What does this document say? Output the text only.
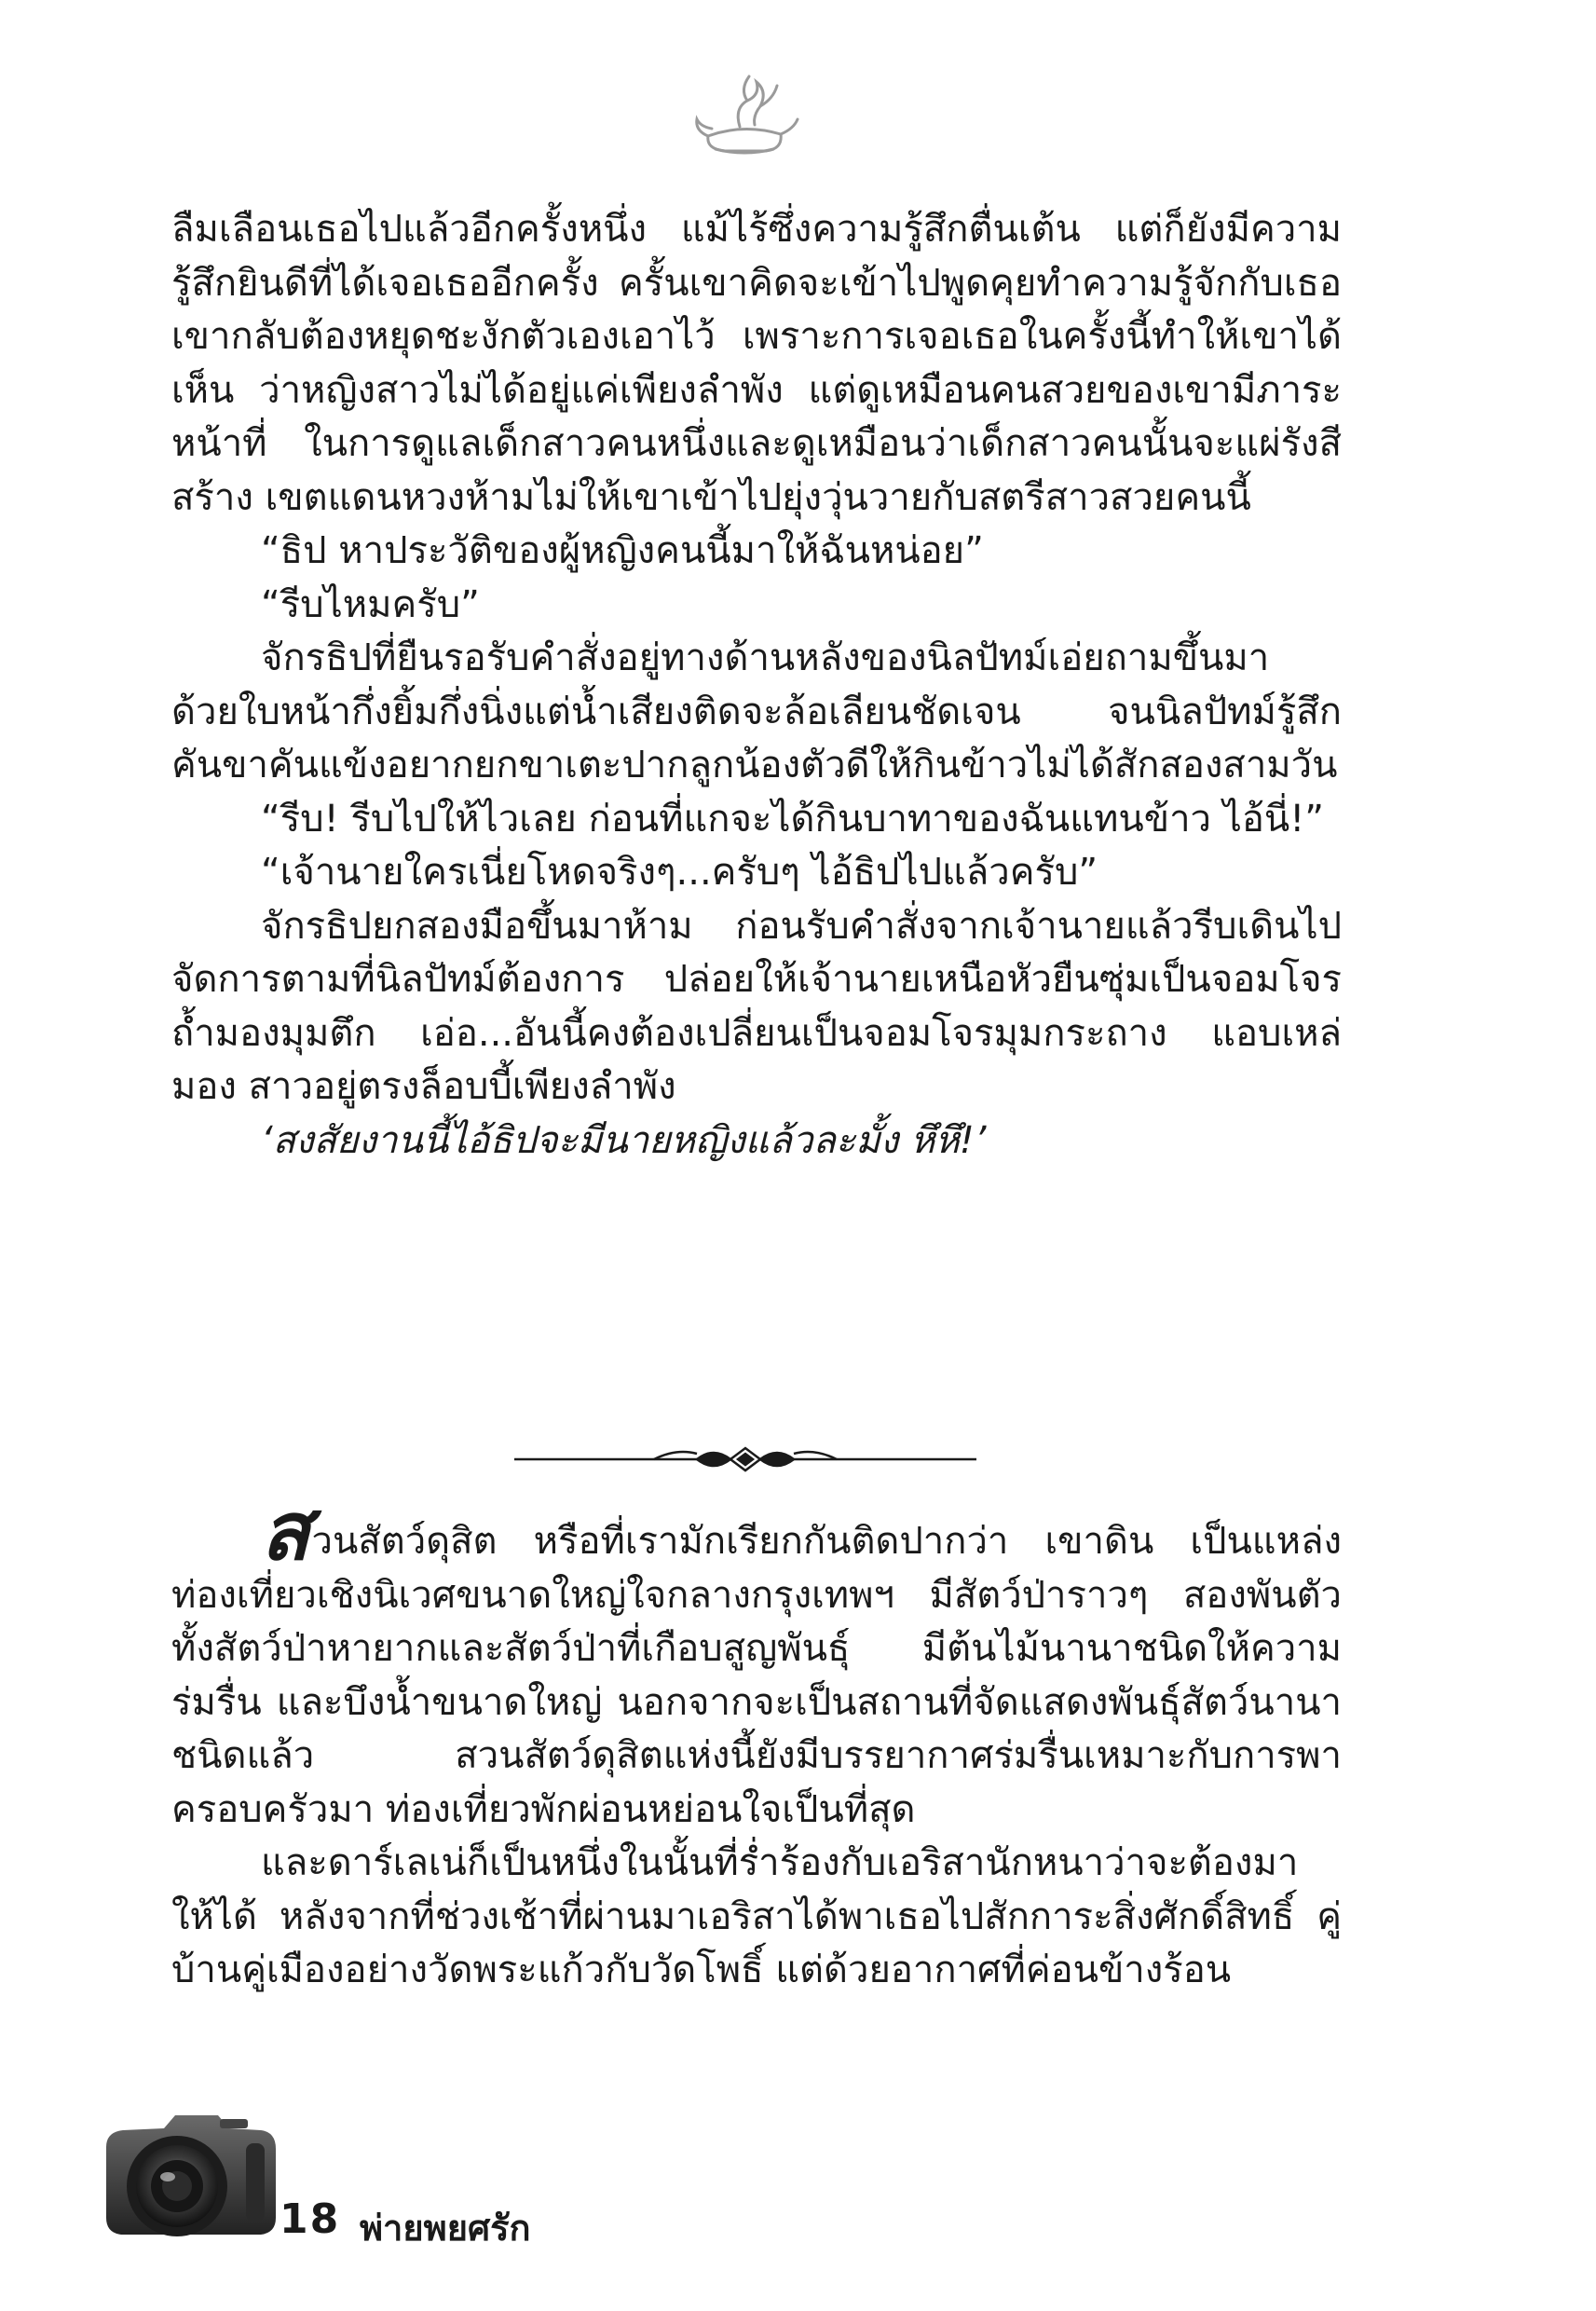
ลืมเลือนเธอไปแล้วอีกครั้งหนึ่ง แม้ไร้ซึ่งความรู้สึกตื่นเต้น แต่ก็ยังมีความรู้สึกยินดีที่ได้เจอเธออีกครั้ง ครั้นเขาคิดจะเข้าไปพูดคุยทำความรู้จักกับเธอ เขากลับต้องหยุดชะงักตัวเองเอาไว้ เพราะการเจอเธอในครั้งนี้ทำให้เขาได้เห็น ว่าหญิงสาวไม่ได้อยู่แค่เพียงลำพัง แต่ดูเหมือนคนสวยของเขามีภาระหน้าที่ ในการดูแลเด็กสาวคนหนึ่งและดูเหมือนว่าเด็กสาวคนนั้นจะแผ่รังสีสร้าง เขตแดนหวงห้ามไม่ให้เขาเข้าไปยุ่งวุ่นวายกับสตรีสาวสวยคนนี้

“ธิป หาประวัติของผู้หญิงคนนี้มาให้ฉันหน่อย”

“รีบไหมครับ”

จักรธิปที่ยืนรอรับคำสั่งอยู่ทางด้านหลังของนิลปัทม์เอ่ยถามขึ้นมา ด้วยใบหน้ากึ่งยิ้มกึ่งนิ่งแต่น้ำเสียงติดจะล้อเลียนชัดเจน จนนิลปัทม์รู้สึก คันขาคันแข้งอยากยกขาเตะปากลูกน้องตัวดีให้กินข้าวไม่ได้สักสองสามวัน

“รีบ! รีบไปให้ไวเลย ก่อนที่แกจะได้กินบาทาของฉันแทนข้าว ไอ้นี่!”

“เจ้านายใครเนี่ยโหดจริงๆ...ครับๆ ไอ้ธิปไปแล้วครับ”

จักรธิปยกสองมือขึ้นมาห้าม ก่อนรับคำสั่งจากเจ้านายแล้วรีบเดินไป จัดการตามที่นิลปัทม์ต้องการ ปล่อยให้เจ้านายเหนือหัวยืนซุ่มเป็นจอมโจร ถ้ำมองมุมตึก เอ่อ...อันนี้คงต้องเปลี่ยนเป็นจอมโจรมุมกระถาง แอบเหล่มอง สาวอยู่ตรงล็อบบี้เพียงลำพัง

‘สงสัยงานนี้ไอ้ธิปจะมีนายหญิงแล้วละมั้ง หึหึ!’

สวนสัตว์ดุสิต หรือที่เรามักเรียกกันติดปากว่า เขาดิน เป็นแหล่ง ท่องเที่ยวเชิงนิเวศขนาดใหญ่ใจกลางกรุงเทพฯ มีสัตว์ป่าราวๆ สองพันตัว ทั้งสัตว์ป่าหายากและสัตว์ป่าที่เกือบสูญพันธุ์ มีต้นไม้นานาชนิดให้ความร่มรื่น และบึงน้ำขนาดใหญ่ นอกจากจะเป็นสถานที่จัดแสดงพันธุ์สัตว์นานาชนิดแล้ว สวนสัตว์ดุสิตแห่งนี้ยังมีบรรยากาศร่มรื่นเหมาะกับการพาครอบครัวมา ท่องเที่ยวพักผ่อนหย่อนใจเป็นที่สุด

และดาร์เลเน่ก็เป็นหนึ่งในนั้นที่ร่ำร้องกับเอริสานักหนาว่าจะต้องมา ให้ได้ หลังจากที่ช่วงเช้าที่ผ่านมาเอริสาได้พาเธอไปสักการะสิ่งศักดิ์สิทธิ์ คู่บ้านคู่เมืองอย่างวัดพระแก้วกับวัดโพธิ์ แต่ด้วยอากาศที่ค่อนข้างร้อน

18 พ่ายพยศรัก
